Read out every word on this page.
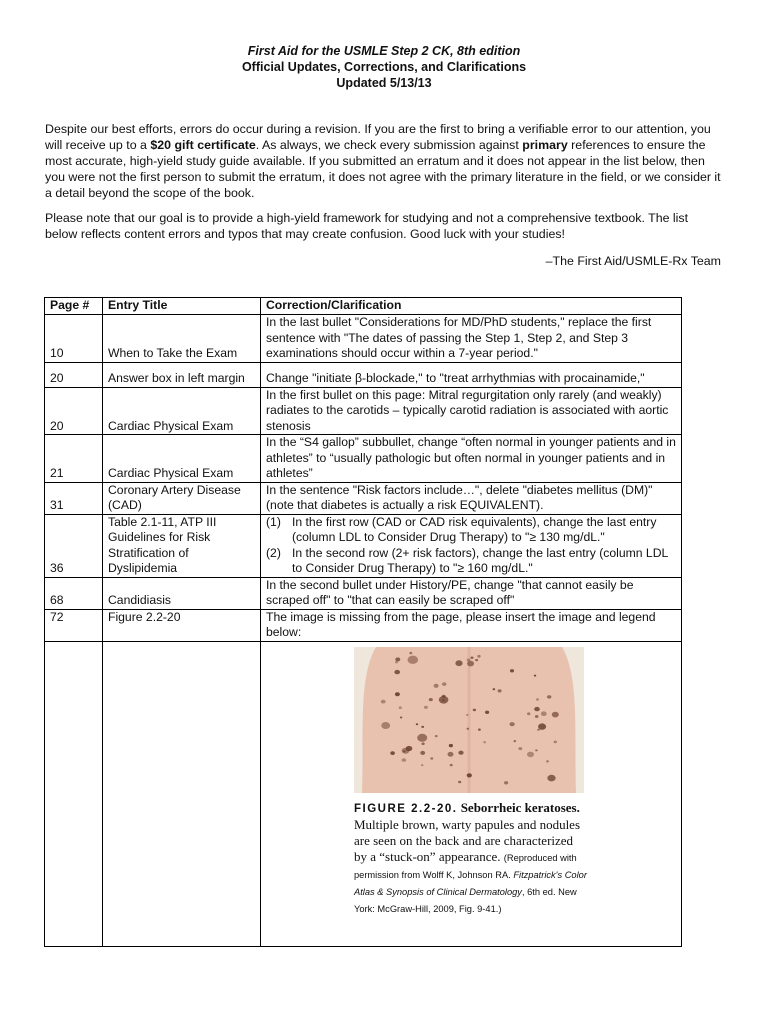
First Aid for the USMLE Step 2 CK, 8th edition
Official Updates, Corrections, and Clarifications
Updated 5/13/13
Despite our best efforts, errors do occur during a revision. If you are the first to bring a verifiable error to our attention, you will receive up to a $20 gift certificate. As always, we check every submission against primary references to ensure the most accurate, high-yield study guide available. If you submitted an erratum and it does not appear in the list below, then you were not the first person to submit the erratum, it does not agree with the primary literature in the field, or we consider it a detail beyond the scope of the book.
Please note that our goal is to provide a high-yield framework for studying and not a comprehensive textbook. The list below reflects content errors and typos that may create confusion. Good luck with your studies!
–The First Aid/USMLE-Rx Team
Page #	Entry Title	Correction/Clarification
10	When to Take the Exam	In the last bullet "Considerations for MD/PhD students," replace the first sentence with "The dates of passing the Step 1, Step 2, and Step 3 examinations should occur within a 7-year period."
20	Answer box in left margin	Change "initiate β-blockade," to "treat arrhythmias with procainamide,"
20	Cardiac Physical Exam	In the first bullet on this page: Mitral regurgitation only rarely (and weakly) radiates to the carotids – typically carotid radiation is associated with aortic stenosis
21	Cardiac Physical Exam	In the “S4 gallop” subbullet, change “often normal in younger patients and in athletes” to “usually pathologic but often normal in younger patients and in athletes”
31	Coronary Artery Disease (CAD)	In the sentence "Risk factors include…", delete "diabetes mellitus (DM)" (note that diabetes is actually a risk EQUIVALENT).
36	Table 2.1-11, ATP III Guidelines for Risk Stratification of Dyslipidemia	(1) In the first row (CAD or CAD risk equivalents), change the last entry (column LDL to Consider Drug Therapy) to "≥ 130 mg/dL."
(2) In the second row (2+ risk factors), change the last entry (column LDL to Consider Drug Therapy) to "≥ 160 mg/dL."

68	Candidiasis	In the second bullet under History/PE, change "that cannot easily be scraped off" to "that can easily be scraped off"
72	Figure 2.2-20	The image is missing from the page, please insert the image and legend below:

		FIGURE 2.2-20. Seborrheic keratoses. Multiple brown, warty papules and nodules are seen on the back and are characterized by a “stuck-on” appearance. (Reproduced with permission from Wolff K, Johnson RA. Fitzpatrick's Color Atlas & Synopsis of Clinical Dermatology, 6th ed. New York: McGraw-Hill, 2009, Fig. 9-41.)
